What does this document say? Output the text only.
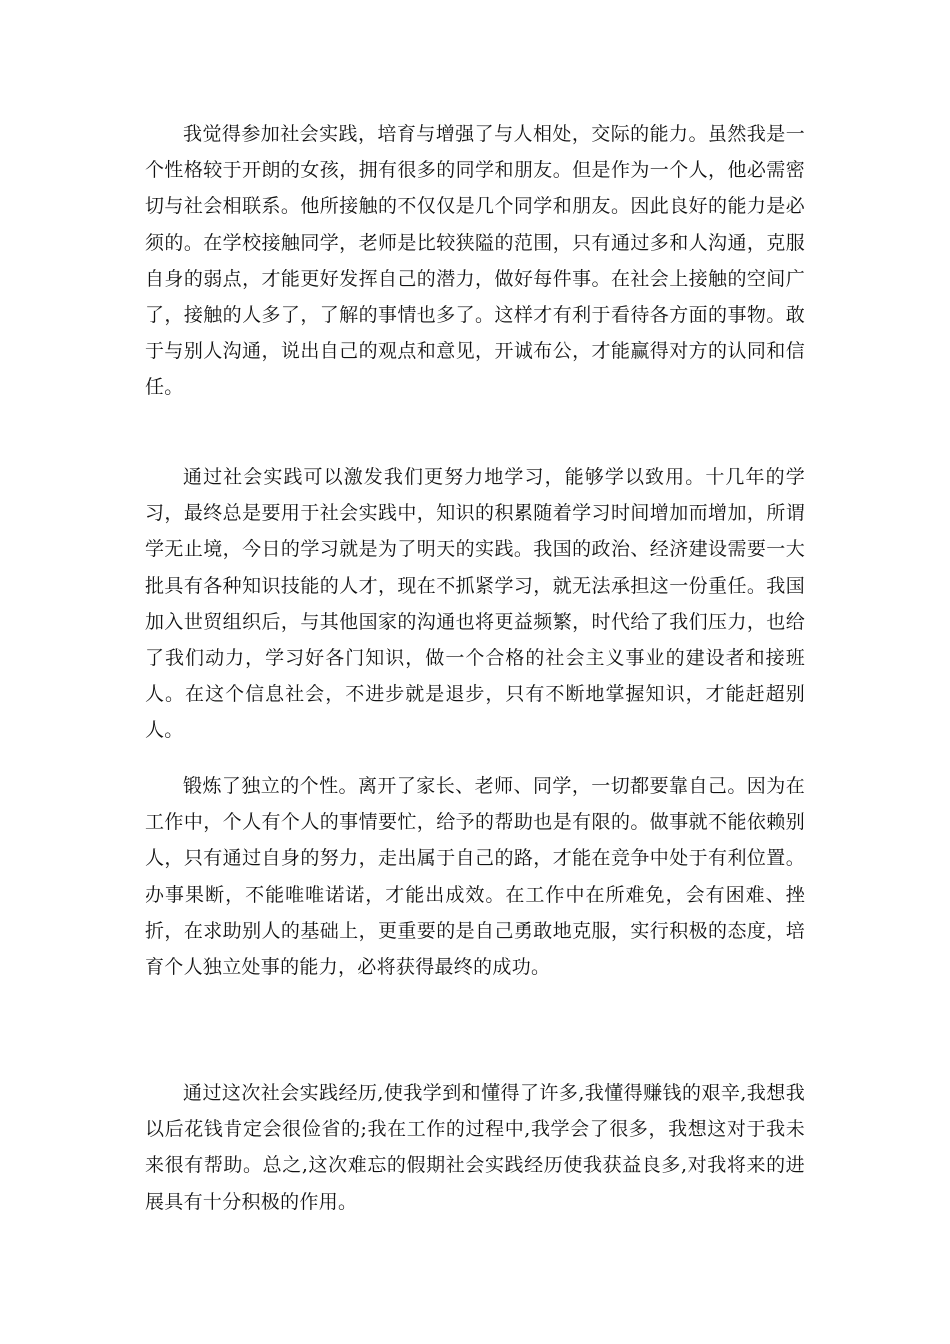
我觉得参加社会实践，培育与增强了与人相处，交际的能力。虽然我是一个性格较于开朗的女孩，拥有很多的同学和朋友。但是作为一个人，他必需密切与社会相联系。他所接触的不仅仅是几个同学和朋友。因此良好的能力是必须的。在学校接触同学，老师是比较狭隘的范围，只有通过多和人沟通，克服自身的弱点，才能更好发挥自己的潜力，做好每件事。在社会上接触的空间广了，接触的人多了，了解的事情也多了。这样才有利于看待各方面的事物。敢于与别人沟通，说出自己的观点和意见，开诚布公，才能赢得对方的认同和信任。

通过社会实践可以激发我们更努力地学习，能够学以致用。十几年的学习，最终总是要用于社会实践中，知识的积累随着学习时间增加而增加，所谓学无止境，今日的学习就是为了明天的实践。我国的政治、经济建设需要一大批具有各种知识技能的人才，现在不抓紧学习，就无法承担这一份重任。我国加入世贸组织后，与其他国家的沟通也将更益频繁，时代给了我们压力，也给了我们动力，学习好各门知识，做一个合格的社会主义事业的建设者和接班人。在这个信息社会，不进步就是退步，只有不断地掌握知识，才能赶超别人。

锻炼了独立的个性。离开了家长、老师、同学，一切都要靠自己。因为在工作中，个人有个人的事情要忙，给予的帮助也是有限的。做事就不能依赖别人，只有通过自身的努力，走出属于自己的路，才能在竞争中处于有利位置。办事果断，不能唯唯诺诺，才能出成效。在工作中在所难免，会有困难、挫折，在求助别人的基础上，更重要的是自己勇敢地克服，实行积极的态度，培育个人独立处事的能力，必将获得最终的成功。

通过这次社会实践经历,使我学到和懂得了许多,我懂得赚钱的艰辛,我想我以后花钱肯定会很俭省的;我在工作的过程中,我学会了很多，我想这对于我未来很有帮助。总之,这次难忘的假期社会实践经历使我获益良多,对我将来的进展具有十分积极的作用。
